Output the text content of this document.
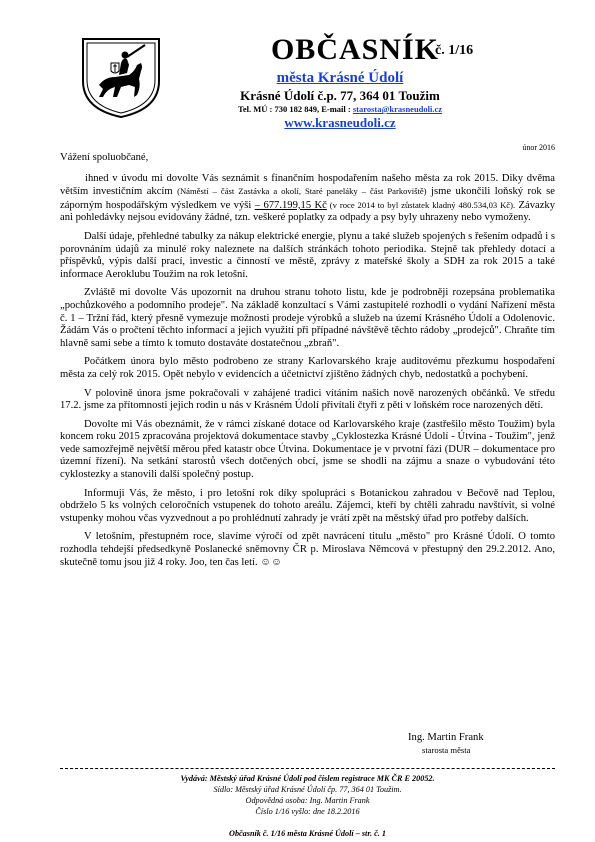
OBČASNÍK
č. 1/16
města Krásné Údolí
Krásné Údolí č.p. 77, 364 01 Toužim
Tel. MÚ : 730 182 849, E-mail : starosta@krasneudoli.cz
www.krasneudoli.cz
únor 2016
Vážení spoluobčané,

ihned v úvodu mi dovolte Vás seznámit s finančním hospodařením našeho města za rok 2015. Diky dvěma větším investičním akcím (Náměstí – část Zastávka a okolí, Staré paneláky – část Parkoviště) jsme ukončili loňský rok se záporným hospodářským výsledkem ve výši – 677.199,15 Kč (v roce 2014 to byl zůstatek kladný 480.534,03 Kč). Závazky ani pohledávky nejsou evidovány žádné, tzn. veškeré poplatky za odpady a psy byly uhrazeny nebo vymoženy.

Další údaje, přehledné tabulky za nákup elektrické energie, plynu a také služeb spojených s řešením odpadů i s porovnáním údajů za minulé roky naleznete na dalších stránkách tohoto periodika. Stejně tak přehledy dotací a příspěvků, výpis další prací, investic a činností ve městě, zprávy z mateřské školy a SDH za rok 2015 a také informace Aeroklubu Toužim na rok letošní.

Zvláště mi dovolte Vás upozornit na druhou stranu tohoto listu, kde je podrobněji rozepsána problematika „pochůzkového a podomního prodeje". Na základě konzultací s Vámi zastupitelé rozhodli o vydání Nařízení města č. 1 – Tržní řád, který přesně vymezuje možnosti prodeje výrobků a služeb na území Krásného Údolí a Odolenovic. Žádám Vás o pročtení těchto informací a jejich využití při případné návštěvě těchto rádoby „prodejců". Chraňte tím hlavně sami sebe a tímto k tomuto dostaváte dostatečnou „zbraň".

Počátkem února bylo město podrobeno ze strany Karlovarského kraje auditovému přezkumu hospodaření města za celý rok 2015. Opět nebylo v evidencích a účetnictví zjištěno žádných chyb, nedostatků a pochybení.

V polovině února jsme pokračovali v zahájené tradici vítáním našich nově narozených občánků. Ve středu 17.2. jsme za přítomnosti jejich rodin u nás v Krásném Údolí přivítali čtyři z pěti v loňském roce narozených dětí.

Dovolte mi Vás obeznámit, že v rámci získané dotace od Karlovarského kraje (zastřešilo město Toužim) byla koncem roku 2015 zpracována projektová dokumentace stavby „Cyklostezka Krásné Údolí - Útvina - Toužim", jenž vede samozřejmě největší měrou před katastr obce Útvina. Dokumentace je v prvotní fázi (DUR – dokumentace pro územní řízení). Na setkání starostů všech dotčených obcí, jsme se shodli na zájmu a snaze o vybudování této cyklostezky a stanovili další společný postup.

Informuji Vás, že město, i pro letošní rok díky spolupráci s Botanickou zahradou v Bečově nad Teplou, obdrželo 5 ks volných celoročních vstupenek do tohoto areálu. Zájemci, kteří by chtěli zahradu navštívit, si volné vstupenky mohou včas vyzvednout a po prohlédnutí zahrady je vrátí zpět na městský úřad pro potřeby dalších.

V letošním, přestupném roce, slavíme výročí od zpět navrácení titulu „město" pro Krásné Údolí. O tomto rozhodla tehdejší předsedkyně Poslanecké sněmovny ČR p. Miroslava Němcová v přestupný den 29.2.2012. Ano, skutečně tomu jsou již 4 roky. Joo, ten čas letí. ☺☺

Ing. Martin Frank
starosta města
Vydává: Městský úřad Krásné Údolí pod číslem registrace MK ČR E 20052.
Sídlo: Městský úřad Krásné Údolí čp. 77, 364 01 Toužim.
Odpovědná osoba: Ing. Martin Frank
Číslo 1/16 vyšlo: dne 18.2.2016
Občasník č. 1/16 města Krásné Údolí – str. č. 1
